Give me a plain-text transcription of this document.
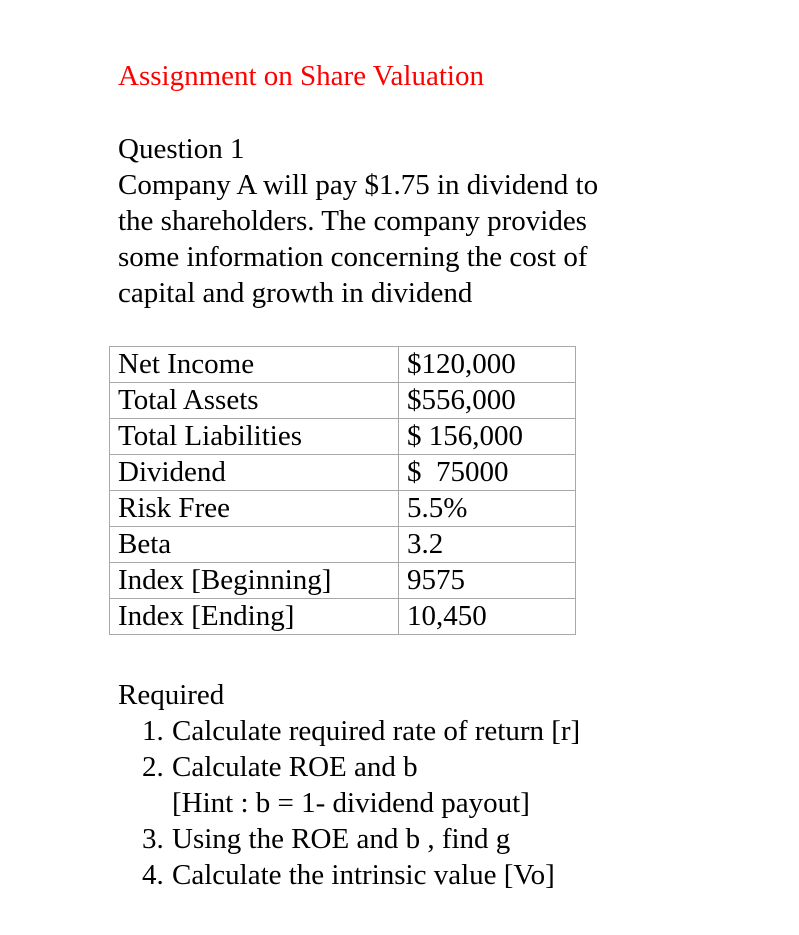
Assignment on Share Valuation
Question 1
Company A will pay $1.75 in dividend to
the shareholders. The company provides
some information concerning the cost of
capital and growth in dividend
Net Income	$120,000
Total Assets	$556,000
Total Liabilities	$ 156,000
Dividend	$  75000
Risk Free	5.5%
Beta	3.2
Index [Beginning]	9575
Index [Ending]	10,450
Required
1. Calculate required rate of return [r]
2. Calculate ROE and b
[Hint : b = 1- dividend payout]
3. Using the ROE and b , find g
4. Calculate the intrinsic value [Vo]
